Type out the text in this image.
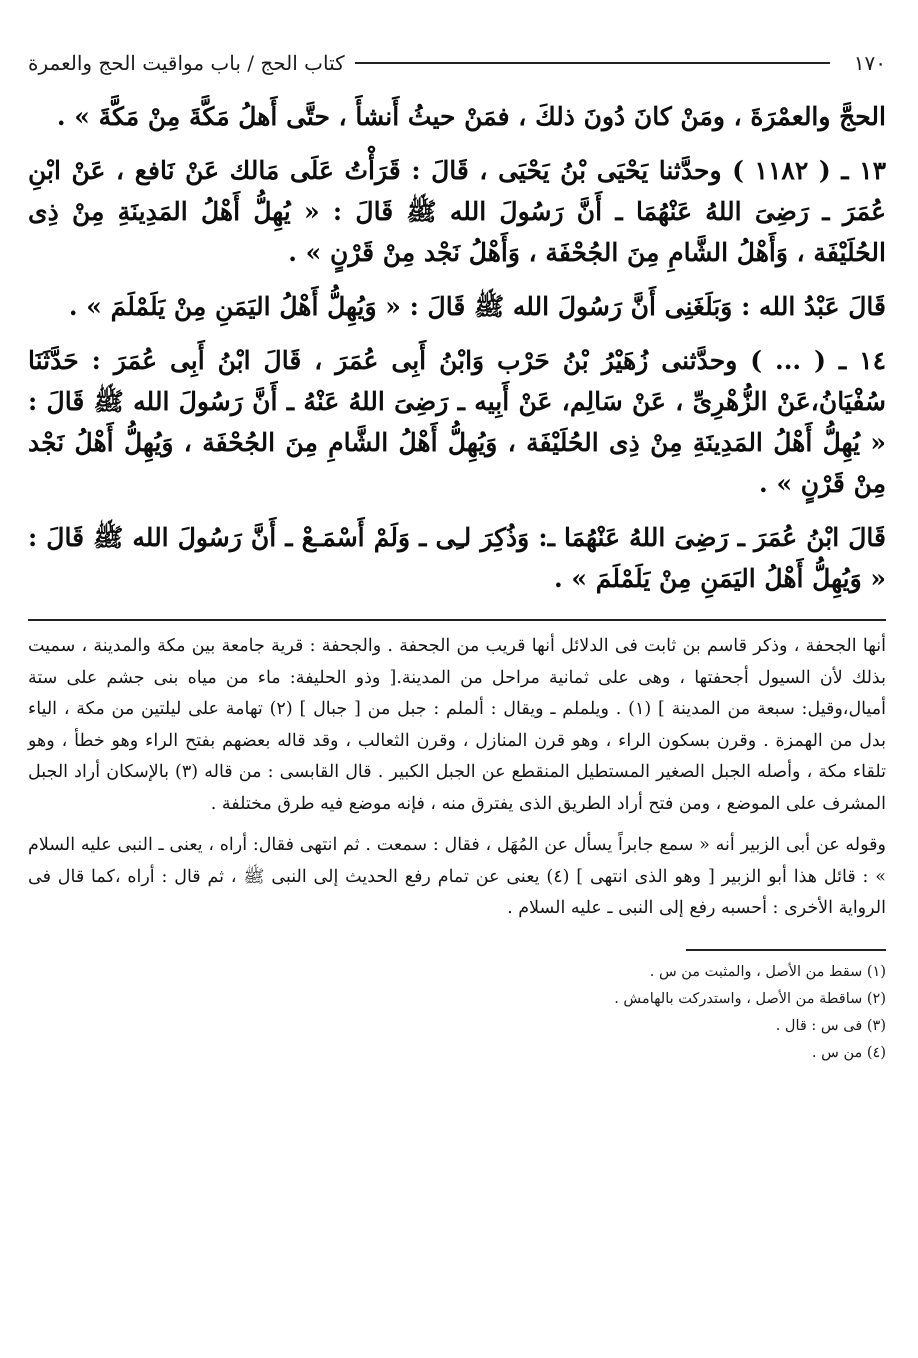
١٧٠
كتاب الحج / باب مواقيت الحج والعمرة

الحجَّ والعمْرَةَ ، ومَنْ كانَ دُونَ ذلكَ ، فمَنْ حيثُ أَنشأَ ، حتَّى أَهلُ مَكَّةَ مِنْ مَكَّةَ » .

١٣ ـ ( ١١٨٢ ) وحدَّثنا يَحْيَى بْنُ يَحْيَى ، قَالَ : قَرَأْتُ عَلَى مَالك عَنْ نَافع ، عَنْ ابْنِ عُمَرَ ـ رَضِىَ اللهُ عَنْهُمَا ـ أَنَّ رَسُولَ الله ﷺ قَالَ : « يُهِلُّ أَهْلُ المَدِينَةِ مِنْ ذِى الحُلَيْفَة ، وَأَهْلُ الشَّامِ مِنَ الجُحْفَة ، وَأَهْلُ نَجْد مِنْ قَرْنٍ » .

قَالَ عَبْدُ الله : وَبَلَغَنِى أَنَّ رَسُولَ الله ﷺ قَالَ : « وَيُهِلُّ أَهْلُ اليَمَنِ مِنْ يَلَمْلَمَ » .

١٤ ـ ( ... ) وحدَّثنى زُهَيْرُ بْنُ حَرْب وَابْنُ أَبِى عُمَرَ ، قَالَ ابْنُ أَبِى عُمَرَ : حَدَّثَنَا سُفْيَانُ،عَنْ الزُّهْرِىِّ ، عَنْ سَالِم، عَنْ أَبِيه ـ رَضِىَ اللهُ عَنْهُ ـ أَنَّ رَسُولَ الله ﷺ قَالَ : « يُهِلُّ أَهْلُ المَدِينَةِ مِنْ ذِى الحُلَيْفَة ، وَيُهِلُّ أَهْلُ الشَّامِ مِنَ الجُحْفَة ، وَيُهِلُّ أَهْلُ نَجْد مِنْ قَرْنٍ » .

قَالَ ابْنُ عُمَرَ ـ رَضِىَ اللهُ عَنْهُمَا ـ: وَذُكِرَ لـِى ـ وَلَمْ أَسْمَـعْ ـ أَنَّ رَسُولَ الله ﷺ قَالَ : « وَيُهِلُّ أَهْلُ اليَمَنِ مِنْ يَلَمْلَمَ » .

أنها الجحفة ، وذكر قاسم بن ثابت فى الدلائل أنها قريب من الجحفة . والجحفة : قرية جامعة بين مكة والمدينة ، سميت بذلك لأن السيول أجحفتها ، وهى على ثمانية مراحل من المدينة.[ وذو الحليفة: ماء من مياه بنى جشم على ستة أميال،وقيل: سبعة من المدينة ] (١) . ويلملم ـ ويقال : ألملم : جبل من [ جبال ] (٢) تهامة على ليلتين من مكة ، الياء بدل من الهمزة . وقرن بسكون الراء ، وهو قرن المنازل ، وقرن الثعالب ، وقد قاله بعضهم بفتح الراء وهو خطأ ، وهو تلقاء مكة ، وأصله الجبل الصغير المستطيل المنقطع عن الجبل الكبير . قال القابسى : من قاله (٣) بالإسكان أراد الجبل المشرف على الموضع ، ومن فتح أراد الطريق الذى يفترق منه ، فإنه موضع فيه طرق مختلفة .

وقوله عن أبى الزبير أنه « سمع جابراً يسأل عن المُهَل ، فقال : سمعت . ثم انتهى فقال: أراه ، يعنى ـ النبى عليه السلام » : قائل هذا أبو الزبير [ وهو الذى انتهى ] (٤) يعنى عن تمام رفع الحديث إلى النبى ﷺ ، ثم قال : أراه ،كما قال فى الرواية الأخرى : أحسبه رفع إلى النبى ـ عليه السلام .

(١) سقط من الأصل ، والمثبت من س .

(٢) ساقطة من الأصل ، واستدركت بالهامش .

(٣) فى س : قال .

(٤) من س .
